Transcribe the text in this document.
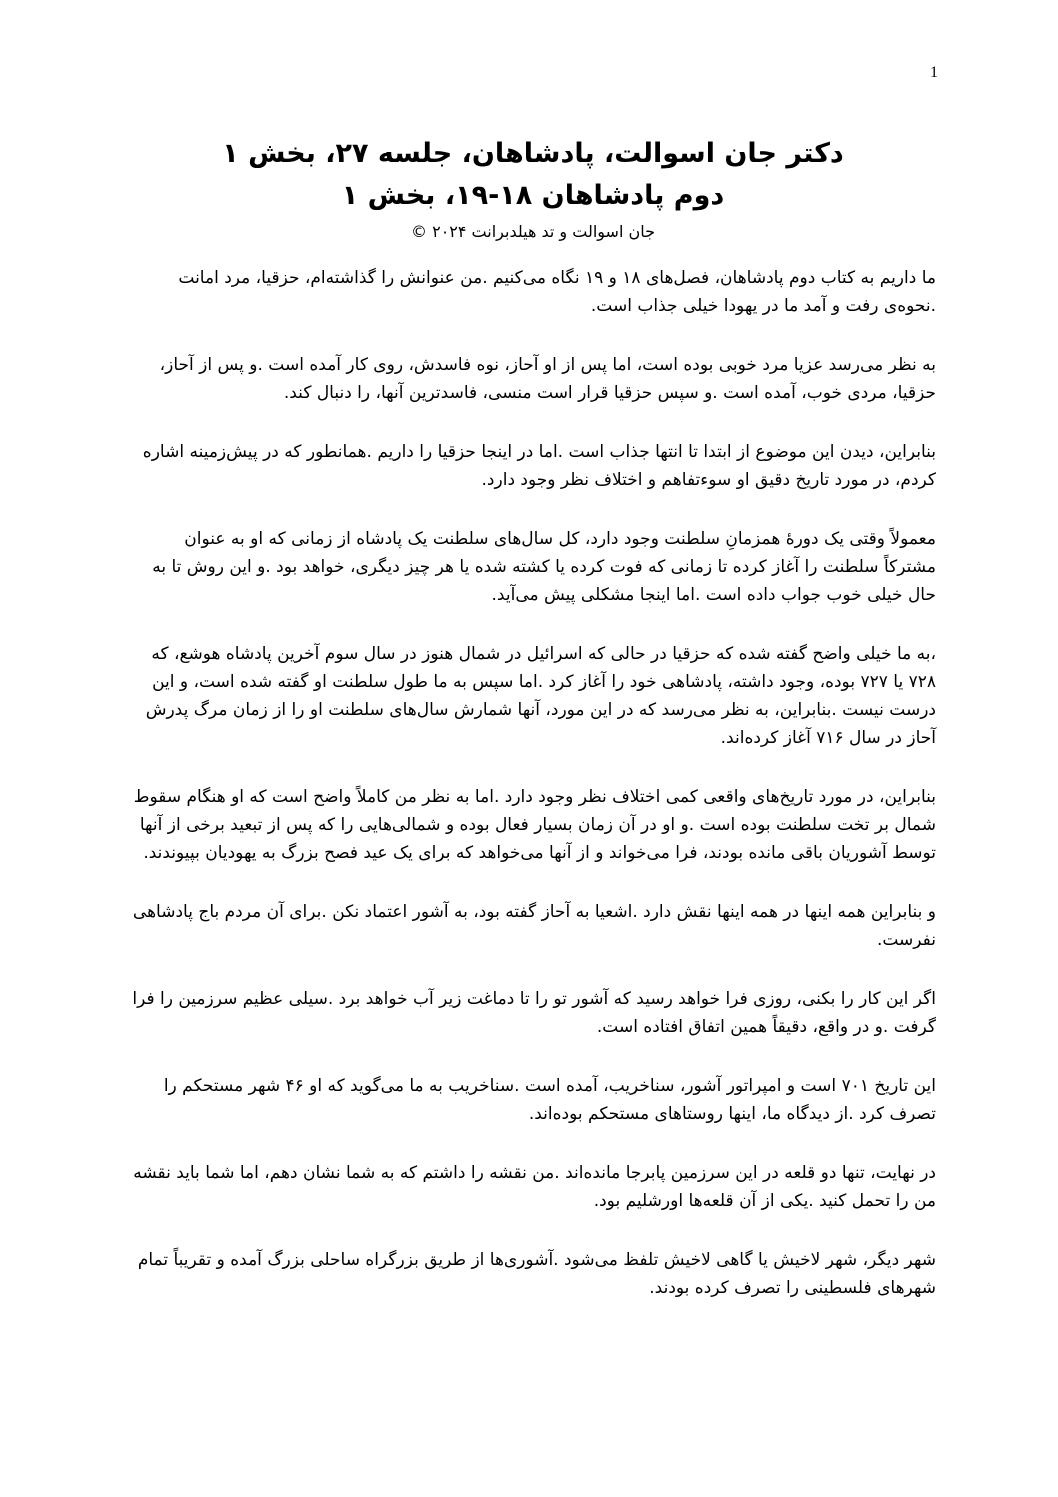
1

دکتر جان اسوالت، پادشاهان، جلسه ۲۷، بخش ۱

دوم پادشاهان ۱۸-۱۹، بخش ۱

جان اسوالت و تد هیلدبرانت ۲۰۲۴ ©

ما داریم به کتاب دوم پادشاهان، فصل‌های ۱۸ و ۱۹ نگاه می‌کنیم .من عنوانش را گذاشته‌ام، حزقیا، مرد امانت .نحوه‌ی رفت و آمد ما در یهودا خیلی جذاب است.

به نظر می‌رسد عزیا مرد خوبی بوده است، اما پس از او آحاز، نوه فاسدش، روی کار آمده است .و پس از آحاز، حزقیا، مردی خوب، آمده است .و سپس حزقیا قرار است منسی، فاسدترین آنها، را دنبال کند.

بنابراین، دیدن این موضوع از ابتدا تا انتها جذاب است .اما در اینجا حزقیا را داریم .همانطور که در پیش‌زمینه اشاره کردم، در مورد تاریخ دقیق او سوءتفاهم و اختلاف نظر وجود دارد.

معمولاً وقتی یک دورهٔ همزمانِ سلطنت وجود دارد، کل سال‌های سلطنت یک پادشاه از زمانی که او به عنوان مشترکاً سلطنت را آغاز کرده تا زمانی که فوت کرده یا کشته شده یا هر چیز دیگری، خواهد بود .و این روش تا به حال خیلی خوب جواب داده است .اما اینجا مشکلی پیش می‌آید.

،به ما خیلی واضح گفته شده که حزقیا در حالی که اسرائیل در شمال هنوز در سال سوم آخرین پادشاه هوشع، که ۷۲۸ یا ۷۲۷ بوده، وجود داشته، پادشاهی خود را آغاز کرد .اما سپس به ما طول سلطنت او گفته شده است، و این درست نیست .بنابراین، به نظر می‌رسد که در این مورد، آنها شمارش سال‌های سلطنت او را از زمان مرگ پدرش آحاز در سال ۷۱۶ آغاز کرده‌اند.

بنابراین، در مورد تاریخ‌های واقعی کمی اختلاف نظر وجود دارد .اما به نظر من کاملاً واضح است که او هنگام سقوط شمال بر تخت سلطنت بوده است .و او در آن زمان بسیار فعال بوده و شمالی‌هایی را که پس از تبعید برخی از آنها توسط آشوریان باقی مانده بودند، فرا می‌خواند و از آنها می‌خواهد که برای یک عید فصح بزرگ به یهودیان بپیوندند.

و بنابراین همه اینها در همه اینها نقش دارد .اشعیا به آحاز گفته بود، به آشور اعتماد نکن .برای آن مردم باج پادشاهی نفرست.

اگر این کار را بکنی، روزی فرا خواهد رسید که آشور تو را تا دماغت زیر آب خواهد برد .سیلی عظیم سرزمین را فرا گرفت .و در واقع، دقیقاً همین اتفاق افتاده است.

این تاریخ ۷۰۱ است و امپراتور آشور، سناخریب، آمده است .سناخریب به ما می‌گوید که او ۴۶ شهر مستحکم را تصرف کرد .از دیدگاه ما، اینها روستاهای مستحکم بوده‌اند.

در نهایت، تنها دو قلعه در این سرزمین پابرجا مانده‌اند .من نقشه را داشتم که به شما نشان دهم، اما شما باید نقشه من را تحمل کنید .یکی از آن قلعه‌ها اورشلیم بود.

شهر دیگر، شهر لاخیش یا گاهی لاخیش تلفظ می‌شود .آشوری‌ها از طریق بزرگراه ساحلی بزرگ آمده و تقریباً تمام شهرهای فلسطینی را تصرف کرده بودند.
